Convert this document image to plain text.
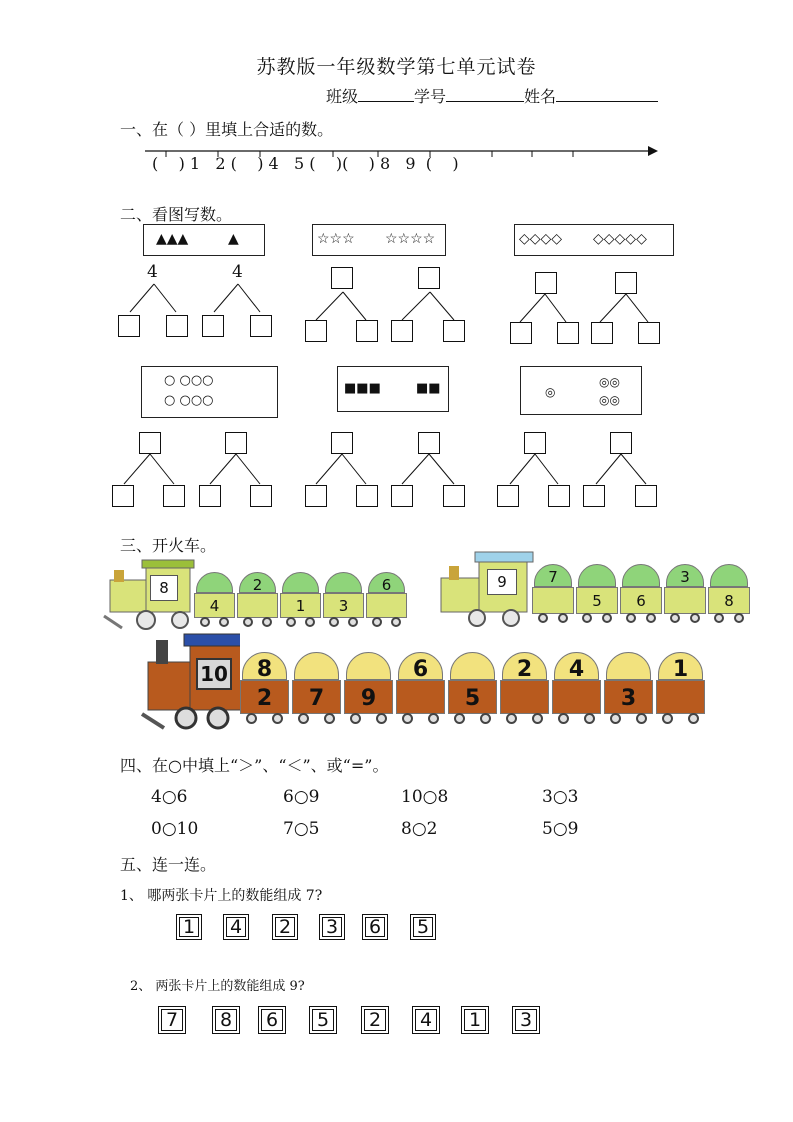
苏教版一年级数学第七单元试卷
班级	学号	姓名
一、在（ ）里填上合适的数。
(    ) 1   2 (    ) 4   5 (    )(    ) 8   9  (    )
二、看图写数。
▲▲▲	▲	☆☆☆ ☆☆☆☆	◇◇◇◇ ◇◇◇◇◇
4	4
○ ○○○
○ ○○○
■■■	■■	◎
◎◎
◎◎
三、开火车。
8
4
2
1	3
6	9	7
5	6
3
8
10	8
2	7	9
6
5
2	4
3
1
四、在○中填上“＞”、“＜”、或“=”。
4○6	6○9	10○8	3○3
0○10	7○5	8○2	5○9
五、连一连。
1、 哪两张卡片上的数能组成 7?
1 4 2 3 6 5
2、 两张卡片上的数能组成 9?
7 8 6 5 2 4 1 3
